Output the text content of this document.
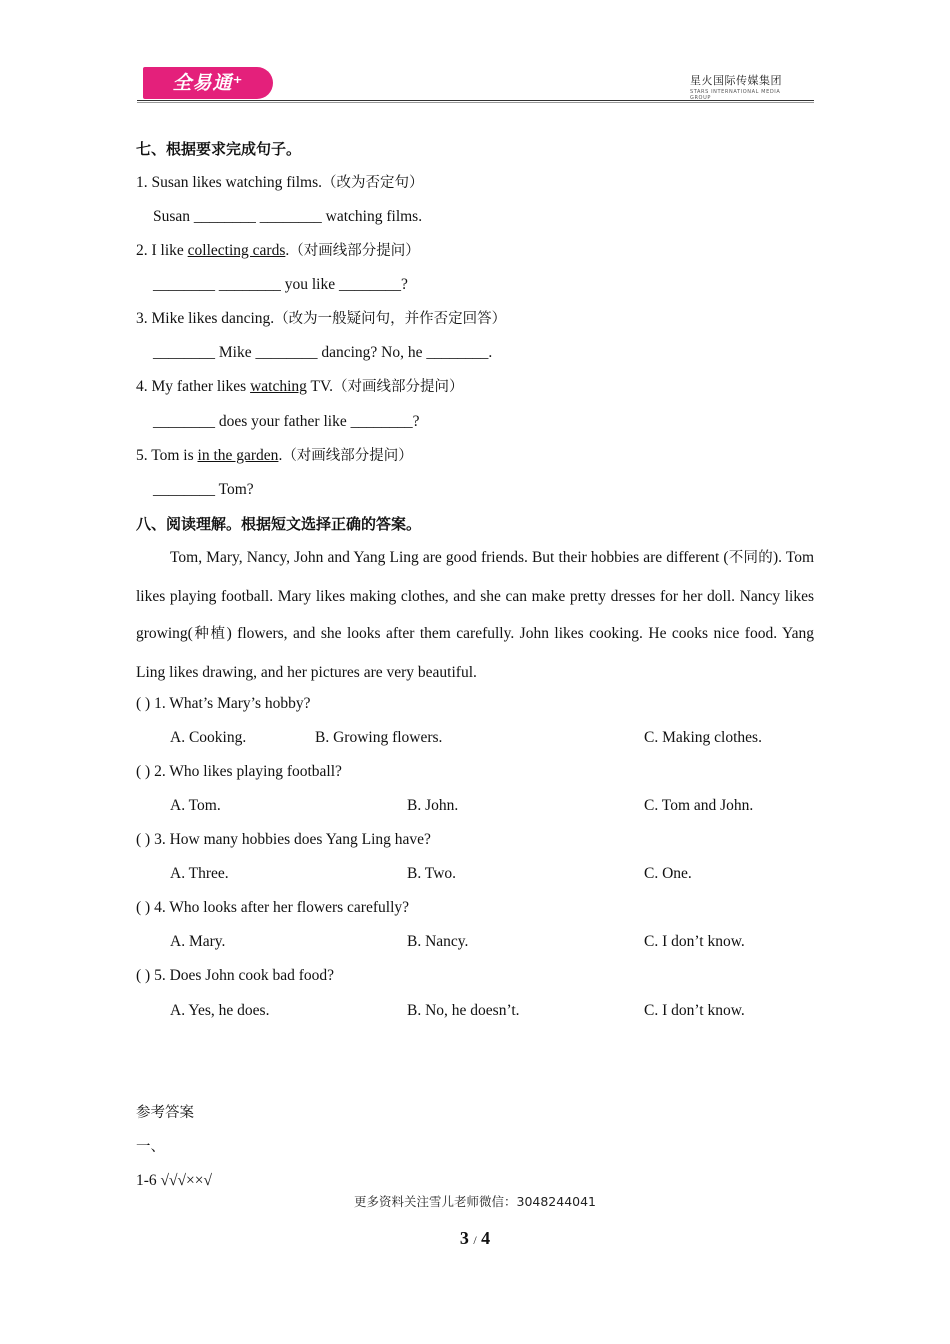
全易通⁺	星火国际传媒集团
STARS INTERNATIONAL MEDIA GROUP
七、根据要求完成句子。
1. Susan likes watching films.（改为否定句）
Susan ________ ________ watching films.
2. I like collecting cards.（对画线部分提问）
________ ________ you like ________?
3. Mike likes dancing.（改为一般疑问句，并作否定回答）
________ Mike ________ dancing? No, he ________.
4. My father likes watching TV.（对画线部分提问）
________ does your father like ________?
5. Tom is in the garden.（对画线部分提问）
________ Tom?
八、阅读理解。根据短文选择正确的答案。
Tom, Mary, Nancy, John and Yang Ling are good friends. But their hobbies are different (不同的). Tom likes playing football. Mary likes making clothes, and she can make pretty dresses for her doll. Nancy likes growing(种植) flowers, and she looks after them carefully. John likes cooking. He cooks nice food. Yang Ling likes drawing, and her pictures are very beautiful.
( ) 1. What’s Mary’s hobby?
A. Cooking.	B. Growing flowers.	C. Making clothes.
( ) 2. Who likes playing football?
A. Tom.	B. John.	C. Tom and John.
( ) 3. How many hobbies does Yang Ling have?
A. Three.	B. Two.	C. One.
( ) 4. Who looks after her flowers carefully?
A. Mary.	B. Nancy.	C. I don’t know.
( ) 5. Does John cook bad food?
A. Yes, he does.	B. No, he doesn’t.	C. I don’t know.
参考答案
一、
1-6 √√√××√
更多资料关注雪儿老师微信：3048244041
3 / 4
